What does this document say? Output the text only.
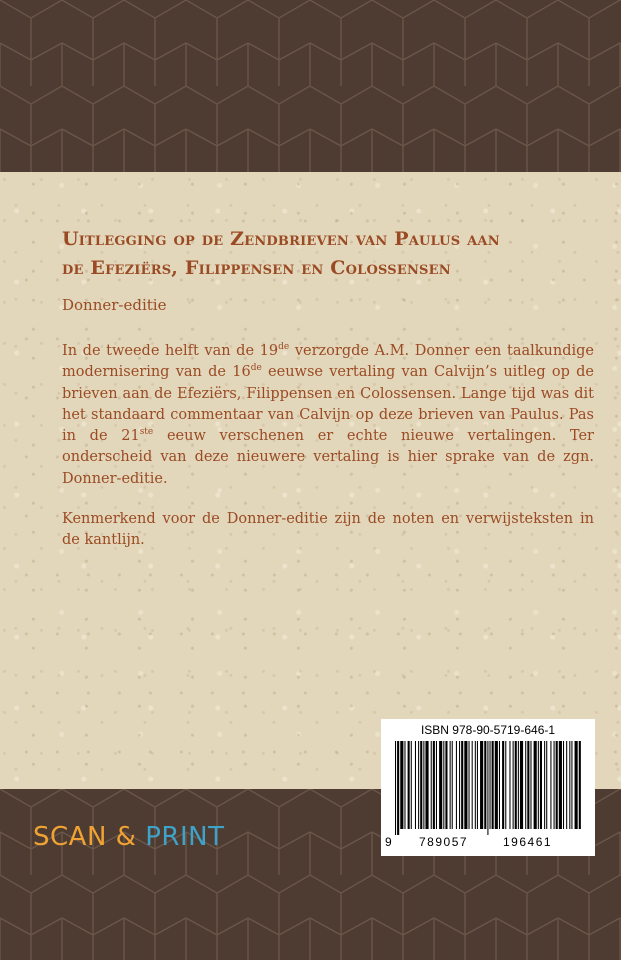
Uitlegging op de Zendbrieven van Paulus aan
de Efeziërs, Filippensen en Colossensen

Donner-editie

In de tweede helft van de 19de verzorgde A.M. Donner een taalkundige modernisering van de 16de eeuwse vertaling van Calvijn’s uitleg op de brieven aan de Efeziërs, Filippensen en Colossensen. Lange tijd was dit het standaard commentaar van Calvijn op deze brieven van Paulus. Pas in de 21ste eeuw verschenen er echte nieuwe vertalingen. Ter onderscheid van deze nieuwere vertaling is hier sprake van de zgn. Donner-editie.

Kenmerkend voor de Donner-editie zijn de noten en verwijsteksten in de kantlijn.

SCAN & PRINT
ISBN 978-90-5719-646-1
9 789057	196461
